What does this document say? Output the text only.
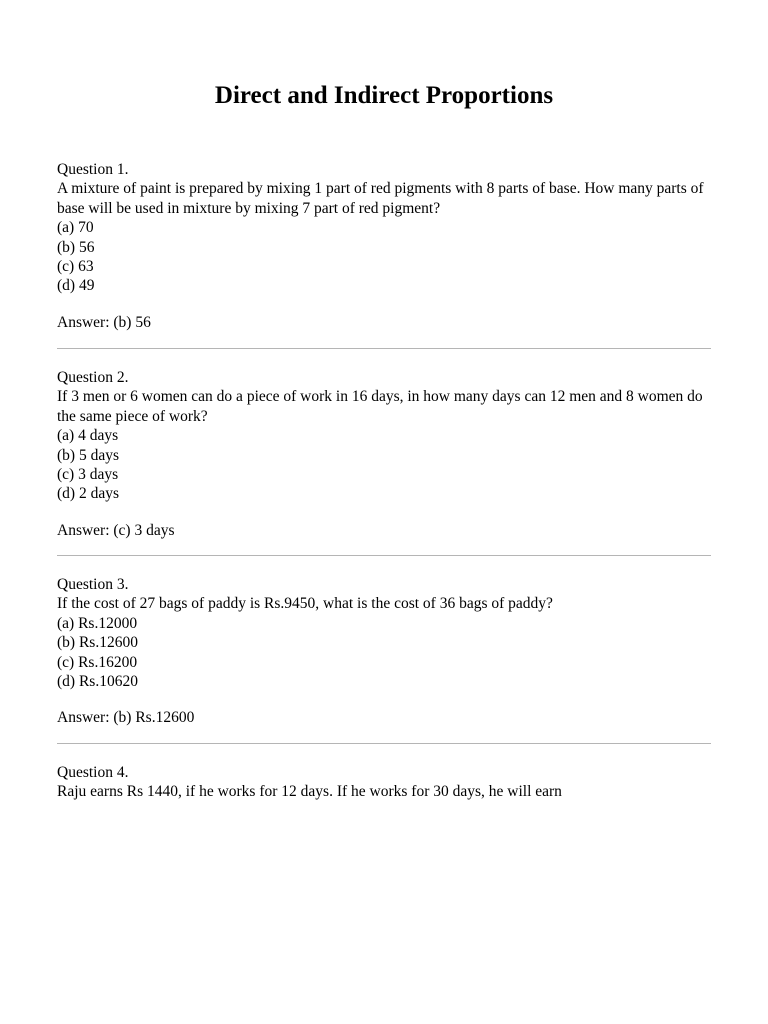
Direct and Indirect Proportions
Question 1.
A mixture of paint is prepared by mixing 1 part of red pigments with 8 parts of base. How many parts of base will be used in mixture by mixing 7 part of red pigment?
(a) 70
(b) 56
(c) 63
(d) 49
Answer: (b) 56
Question 2.
If 3 men or 6 women can do a piece of work in 16 days, in how many days can 12 men and 8 women do the same piece of work?
(a) 4 days
(b) 5 days
(c) 3 days
(d) 2 days
Answer: (c) 3 days
Question 3.
If the cost of 27 bags of paddy is Rs.9450, what is the cost of 36 bags of paddy?
(a) Rs.12000
(b) Rs.12600
(c) Rs.16200
(d) Rs.10620
Answer: (b) Rs.12600
Question 4.
Raju earns Rs 1440, if he works for 12 days. If he works for 30 days, he will earn
